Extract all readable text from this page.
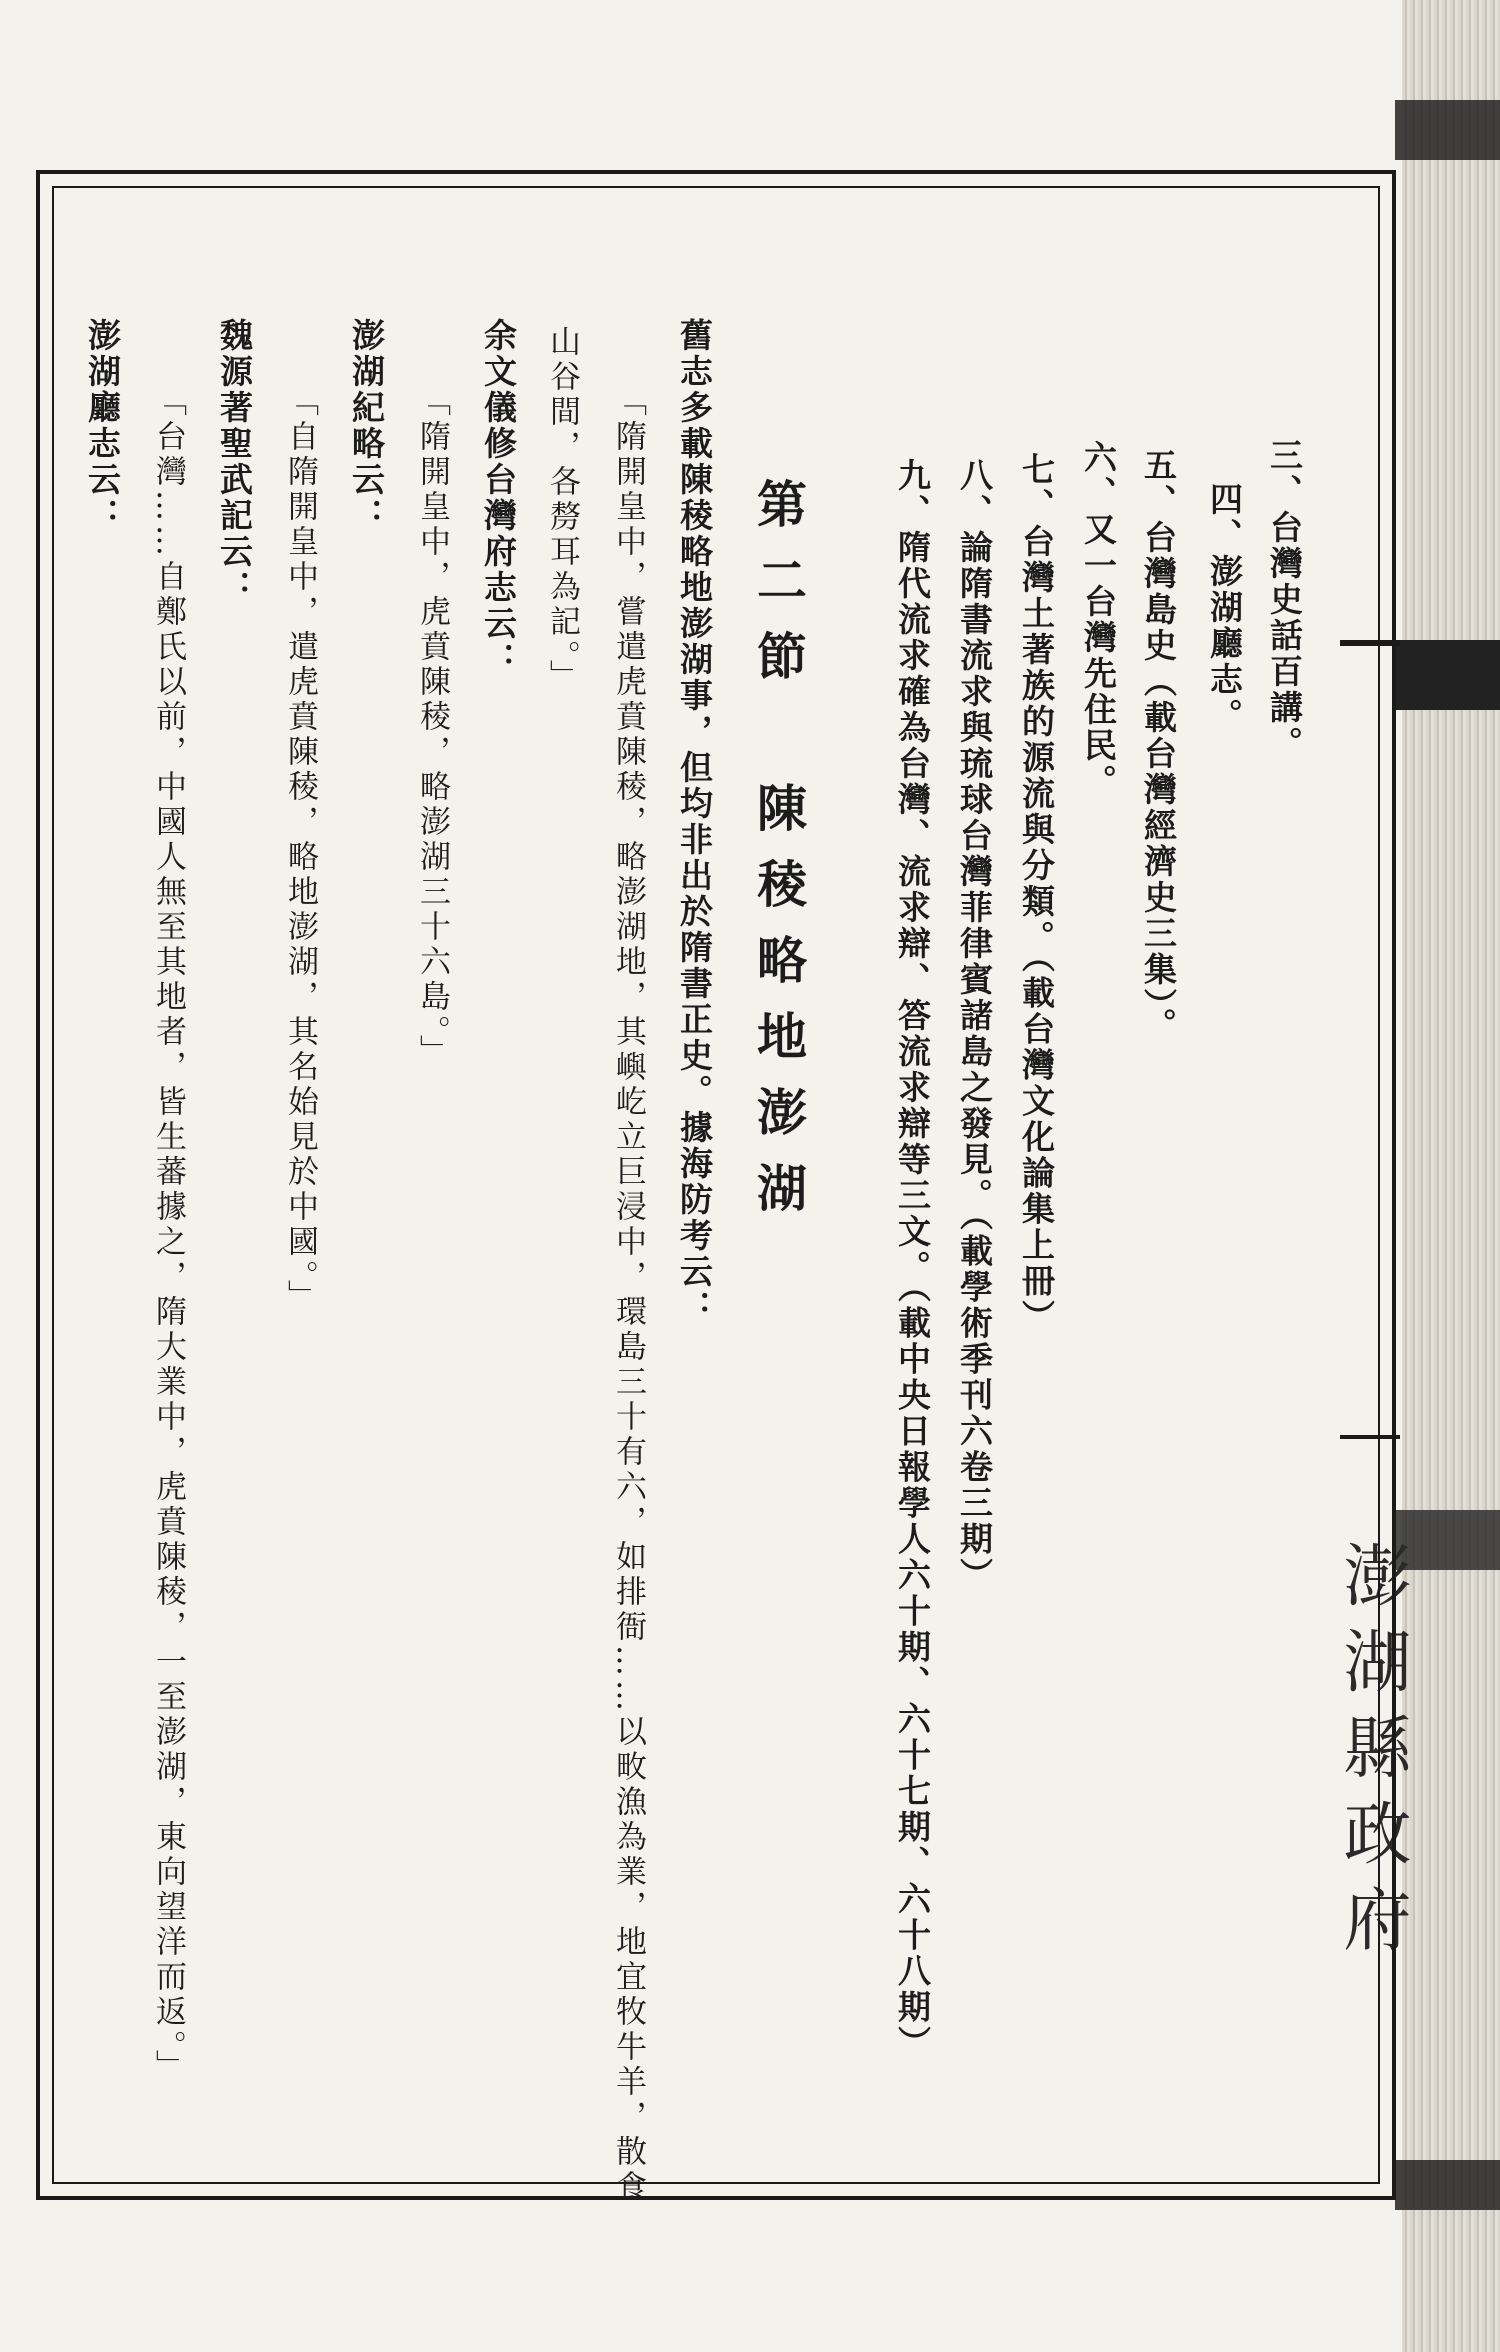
澎湖縣政府
三、台灣史話百講。
四、澎湖廳志。
五、台灣島史（載台灣經濟史三集）。
六、又一台灣先住民。
七、台灣土著族的源流與分類。（載台灣文化論集上冊）
八、論隋書流求與琉球台灣菲律賓諸島之發見。（載學術季刊六卷三期）
九、隋代流求確為台灣、流求辯、答流求辯等三文。（載中央日報學人六十期、六十七期、六十八期）
第二節　陳稜略地澎湖
舊志多載陳稜略地澎湖事，但均非出於隋書正史。據海防考云：
「隋開皇中，嘗遣虎賁陳稜，略澎湖地，其嶼屹立巨浸中，環島三十有六，如排衙……以畋漁為業，地宜牧牛羊，散食
山谷間，各剺耳為記。」
余文儀修台灣府志云：
「隋開皇中，虎賁陳稜，略澎湖三十六島。」
澎湖紀略云：
「自隋開皇中，遣虎賁陳稜，略地澎湖，其名始見於中國。」
魏源著聖武記云：
「台灣……自鄭氏以前，中國人無至其地者，皆生蕃據之，隋大業中，虎賁陳稜，一至澎湖，東向望洋而返。」
澎湖廳志云：
